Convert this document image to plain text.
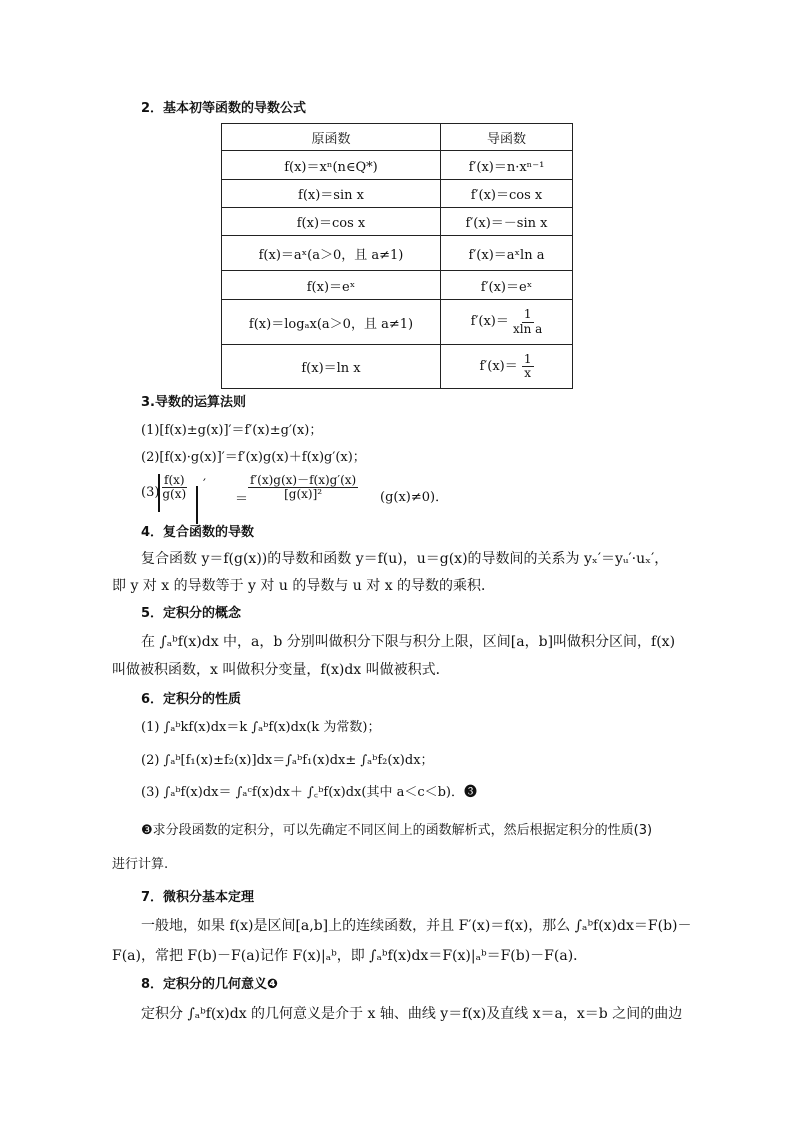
2．基本初等函数的导数公式
原函数	导函数
f(x)＝xⁿ(n∈Q*)	f′(x)＝n·xⁿ⁻¹
f(x)＝sin x	f′(x)＝cos x
f(x)＝cos x	f′(x)＝－sin x
f(x)＝aˣ(a＞0，且 a≠1)	f′(x)＝aˣln a
f(x)＝eˣ	f′(x)＝eˣ
f(x)＝logₐx(a＞0，且 a≠1)	$f'(x)= \frac{1}{\text{xln a}}$

f(x)＝ln x	$f'(x)= \frac{1}{x}$
3.导数的运算法则
(1)[f(x)±g(x)]′＝f′(x)±g′(x)；
(2)[f(x)·g(x)]′＝f′(x)g(x)＋f(x)g′(x)；
$(3) \frac{f(x)}{g(x)}$ ′
＝ $\frac{f'(x)g(x)-f(x)g'(x)}{\text{[g(x)]²}} (g(x)\ne 0)$．
4．复合函数的导数
复合函数 y＝f(g(x))的导数和函数 y＝f(u)，u＝g(x)的导数间的关系为 yₓ′＝yᵤ′·uₓ′，
即 y 对 x 的导数等于 y 对 u 的导数与 u 对 x 的导数的乘积．
5．定积分的概念
在 ∫ₐᵇf(x)dx 中，a，b 分别叫做积分下限与积分上限，区间[a，b]叫做积分区间，f(x)
叫做被积函数，x 叫做积分变量，f(x)dx 叫做被积式．
6．定积分的性质
(1) ∫ₐᵇkf(x)dx＝k ∫ₐᵇf(x)dx(k 为常数)；
(2) ∫ₐᵇ[f₁(x)±f₂(x)]dx＝∫ₐᵇf₁(x)dx± ∫ₐᵇf₂(x)dx；
(3) ∫ₐᵇf(x)dx＝ ∫ₐᶜf(x)dx＋ ∫꜀ᵇf(x)dx(其中 a＜c＜b)．❸
❸求分段函数的定积分，可以先确定不同区间上的函数解析式，然后根据定积分的性质(3)
进行计算.
7．微积分基本定理
一般地，如果 f(x)是区间[a,b]上的连续函数，并且 F′(x)＝f(x)，那么 ∫ₐᵇf(x)dx＝F(b)－
F(a)，常把 F(b)－F(a)记作 F(x)|ₐᵇ，即 ∫ₐᵇf(x)dx＝F(x)|ₐᵇ＝F(b)－F(a)．
8．定积分的几何意义❹
定积分 ∫ₐᵇf(x)dx 的几何意义是介于 x 轴、曲线 y＝f(x)及直线 x＝a，x＝b 之间的曲边
